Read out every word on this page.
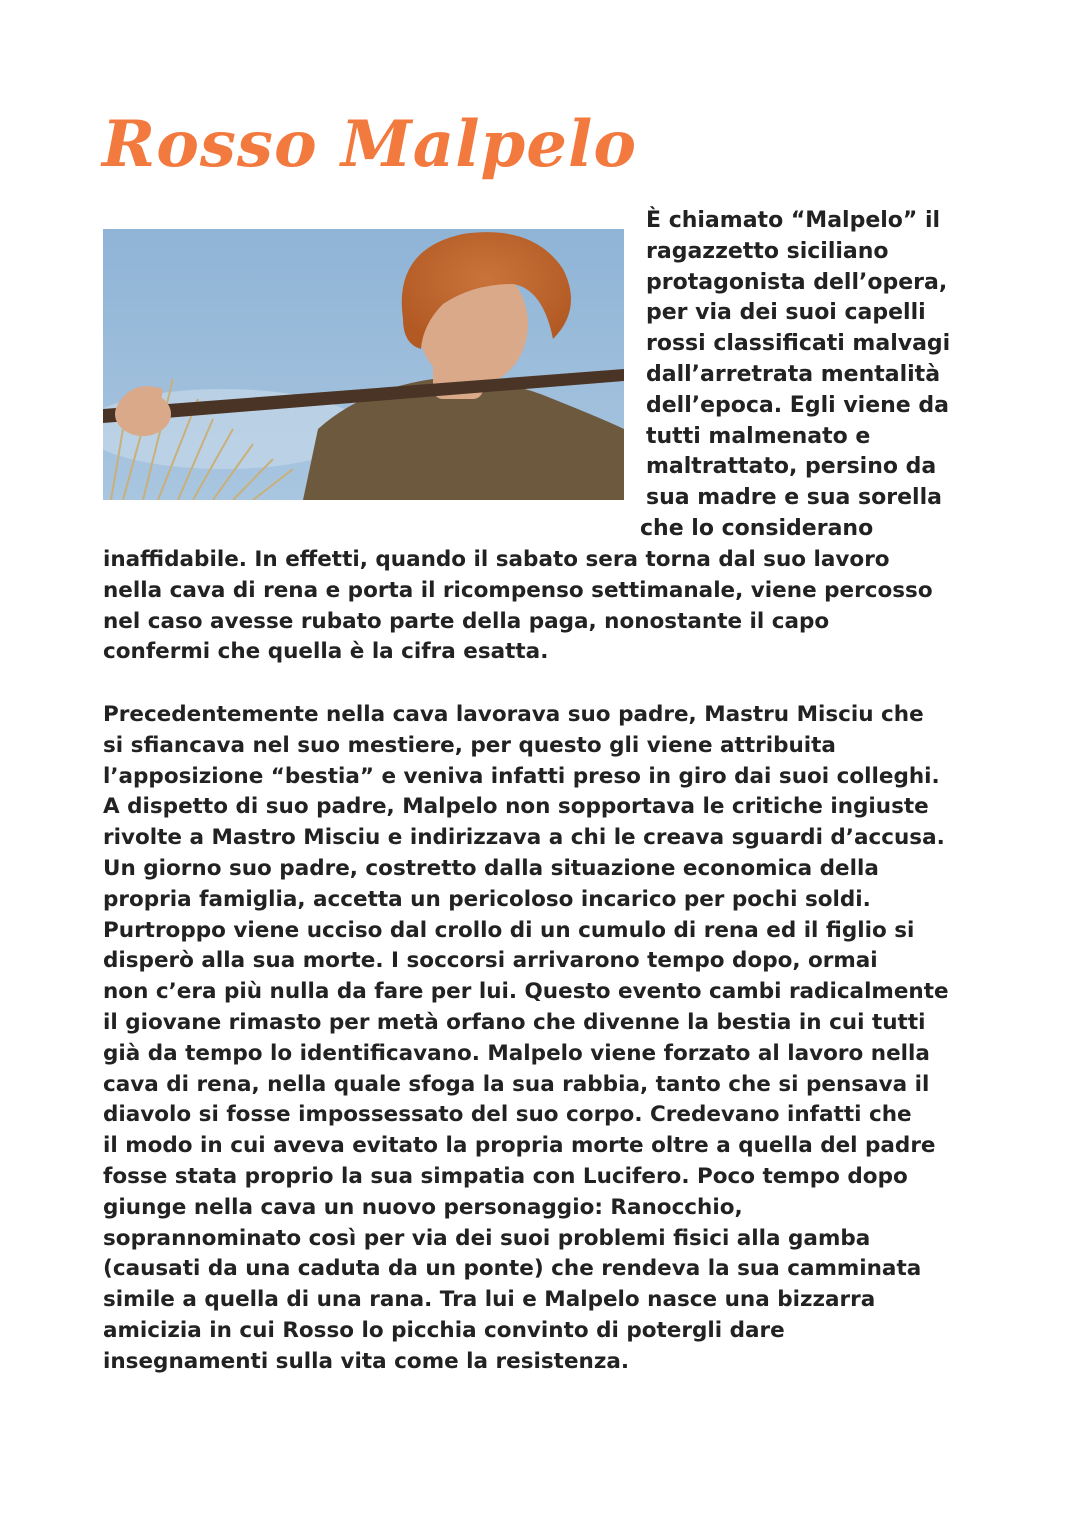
Rosso Malpelo
È chiamato “Malpelo” il
ragazzetto siciliano
protagonista dell’opera,
per via dei suoi capelli
rossi classificati malvagi
dall’arretrata mentalità
dell’epoca. Egli viene da
tutti malmenato e
maltrattato, persino da
sua madre e sua sorella
che lo considerano
inaffidabile. In effetti, quando il sabato sera torna dal suo lavoro
nella cava di rena e porta il ricompenso settimanale, viene percosso
nel caso avesse rubato parte della paga, nonostante il capo
confermi che quella è la cifra esatta.
Precedentemente nella cava lavorava suo padre, Mastru Misciu che
si sfiancava nel suo mestiere, per questo gli viene attribuita
l’apposizione “bestia” e veniva infatti preso in giro dai suoi colleghi.
A dispetto di suo padre, Malpelo non sopportava le critiche ingiuste
rivolte a Mastro Misciu e indirizzava a chi le creava sguardi d’accusa.
Un giorno suo padre, costretto dalla situazione economica della
propria famiglia, accetta un pericoloso incarico per pochi soldi.
Purtroppo viene ucciso dal crollo di un cumulo di rena ed il figlio si
disperò alla sua morte. I soccorsi arrivarono tempo dopo, ormai
non c’era più nulla da fare per lui. Questo evento cambi radicalmente
il giovane rimasto per metà orfano che divenne la bestia in cui tutti
già da tempo lo identificavano. Malpelo viene forzato al lavoro nella
cava di rena, nella quale sfoga la sua rabbia, tanto che si pensava il
diavolo si fosse impossessato del suo corpo. Credevano infatti che
il modo in cui aveva evitato la propria morte oltre a quella del padre
fosse stata proprio la sua simpatia con Lucifero. Poco tempo dopo
giunge nella cava un nuovo personaggio: Ranocchio,
soprannominato così per via dei suoi problemi fisici alla gamba
(causati da una caduta da un ponte) che rendeva la sua camminata
simile a quella di una rana. Tra lui e Malpelo nasce una bizzarra
amicizia in cui Rosso lo picchia convinto di potergli dare
insegnamenti sulla vita come la resistenza.
